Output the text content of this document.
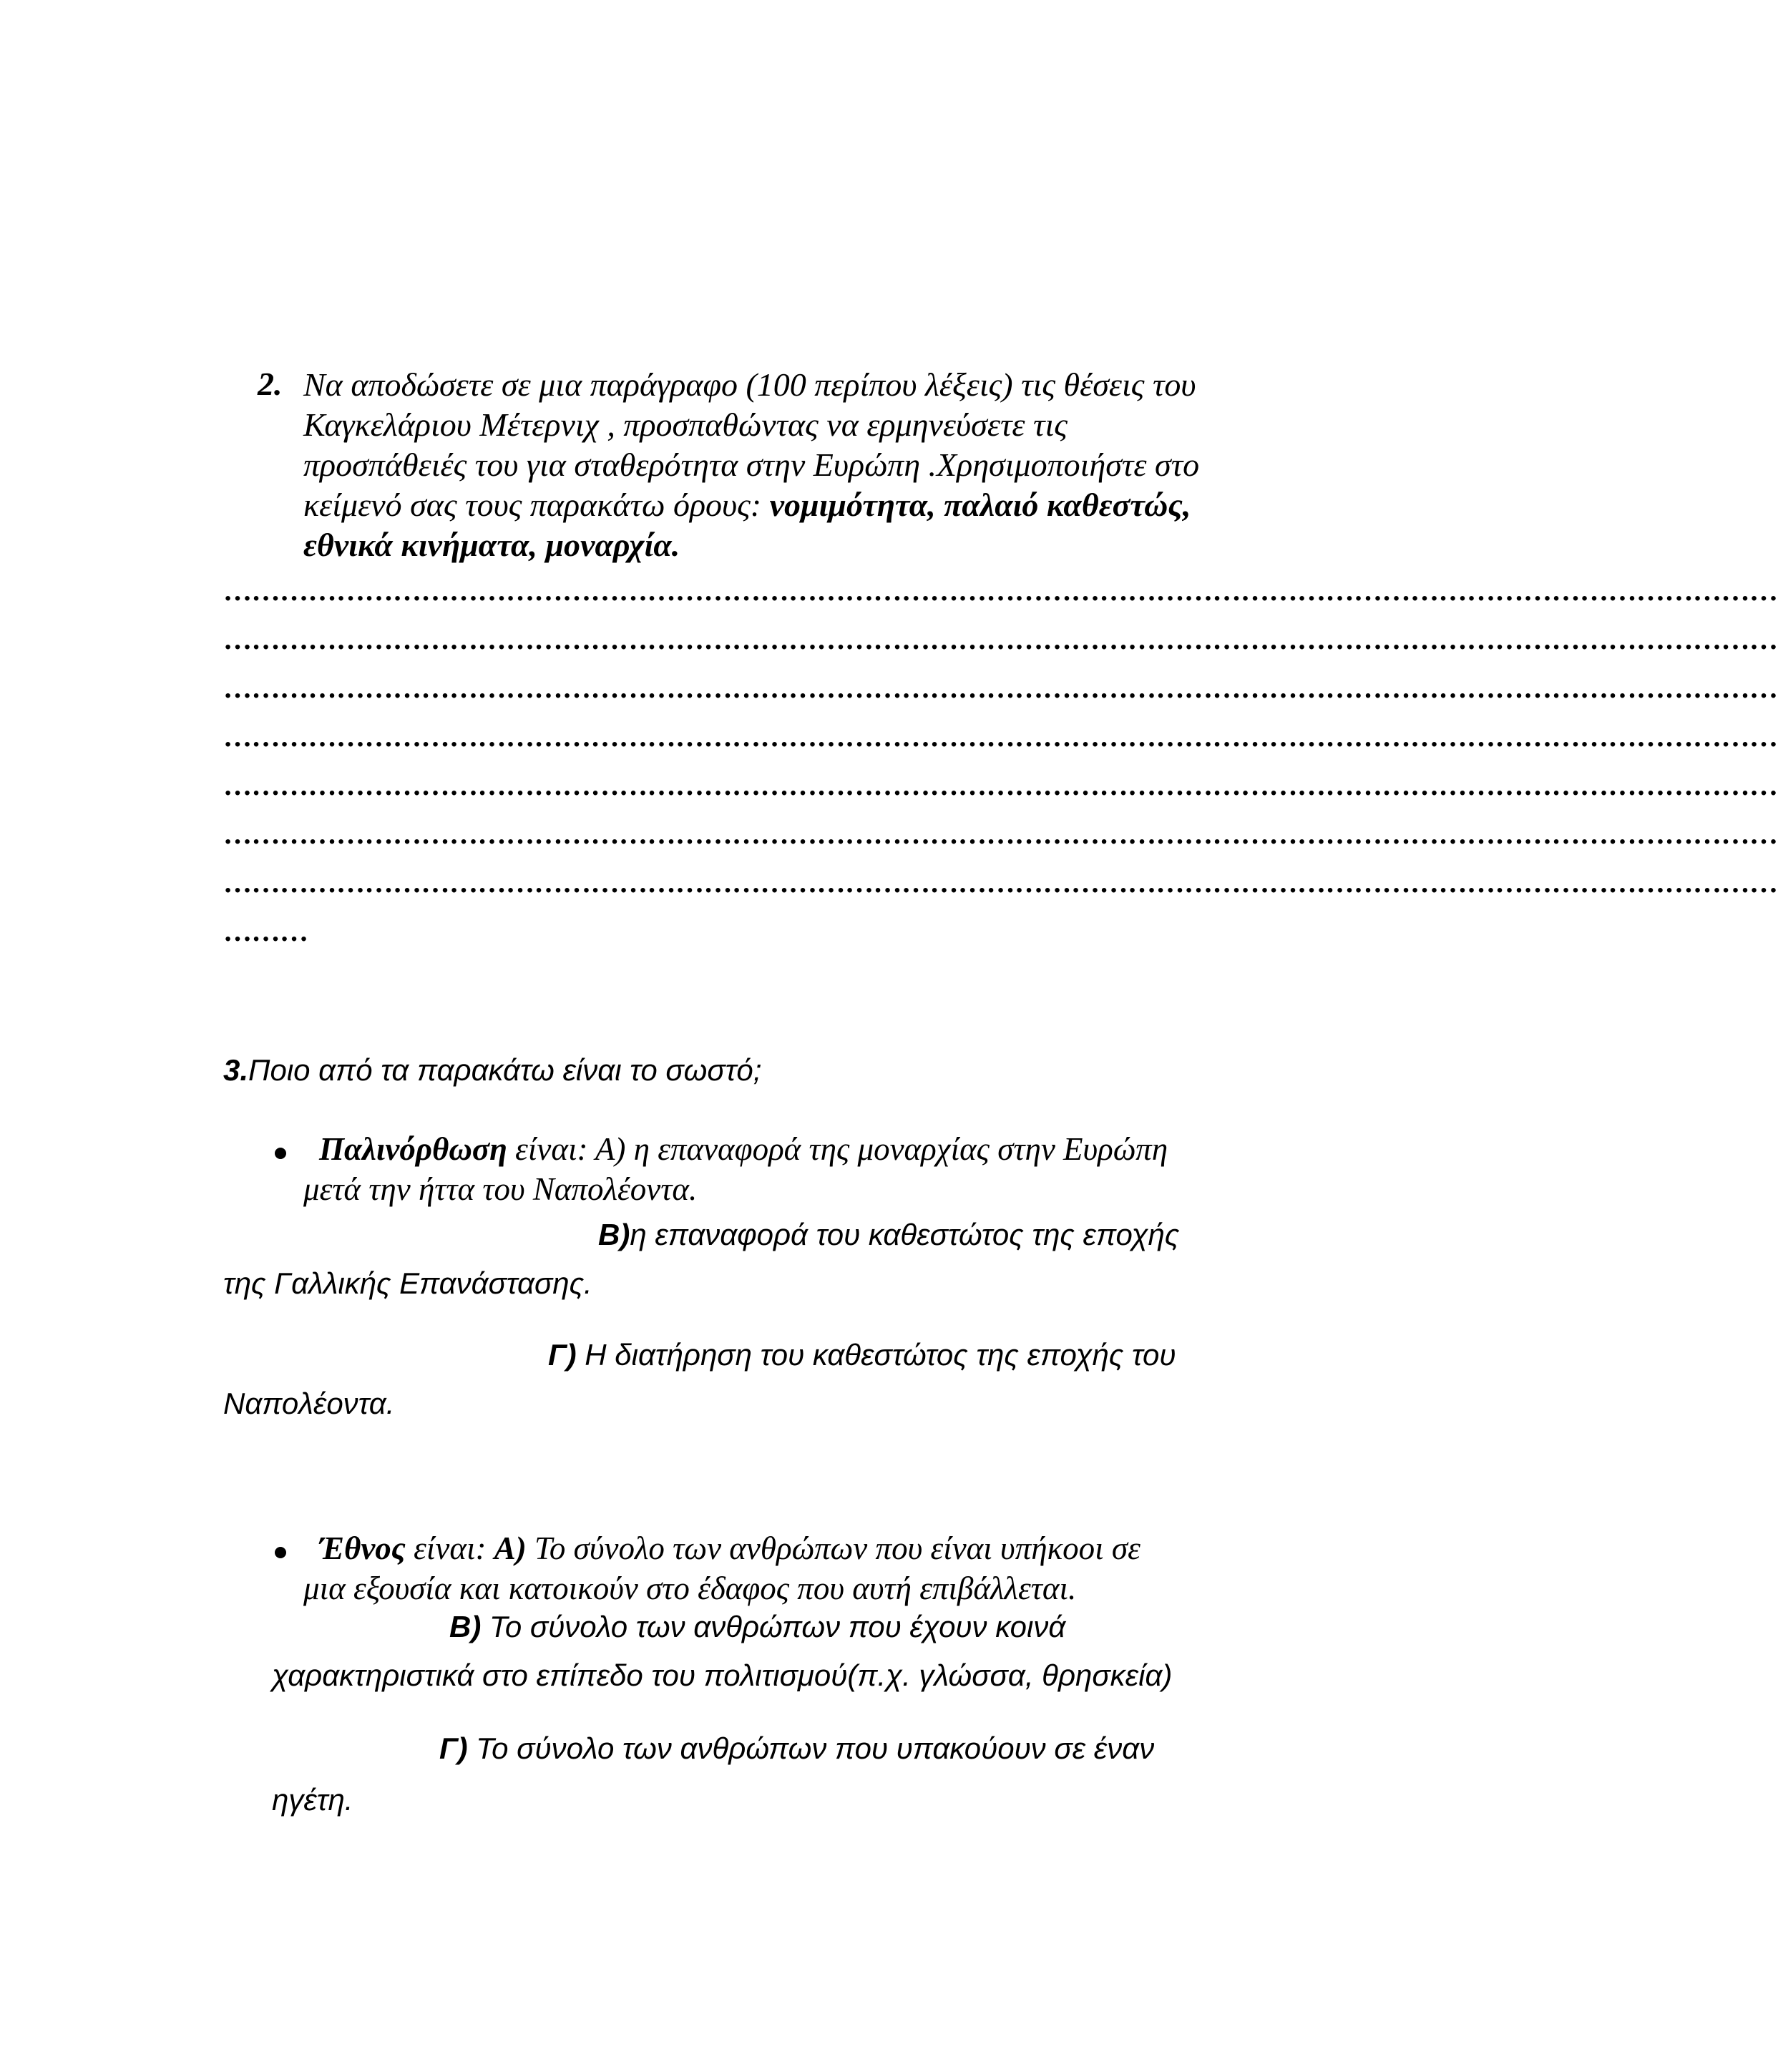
2. Να αποδώσετε σε μια παράγραφο (100 περίπου λέξεις) τις θέσεις του
Καγκελάριου Μέτερνιχ , προσπαθώντας να ερμηνεύσετε τις
προσπάθειές του για σταθερότητα στην Ευρώπη .Χρησιμοποιήστε στο
κείμενό σας τους παρακάτω όρους: νομιμότητα, παλαιό καθεστώς,
εθνικά κινήματα, μοναρχία.
…………………………………………………………………………………………………………………………………………………
…………………………………………………………………………………………………………………………………………………
…………………………………………………………………………………………………………………………………………………
…………………………………………………………………………………………………………………………………………………
…………………………………………………………………………………………………………………………………………………
…………………………………………………………………………………………………………………………………………………
…………………………………………………………………………………………………………………………………………………
………
3.Ποιο από τα παρακάτω είναι το σωστό;
Παλινόρθωση είναι: Α) η επαναφορά της μοναρχίας στην Ευρώπη
μετά την ήττα του Ναπολέοντα.
Β)η επαναφορά του καθεστώτος της εποχής
της Γαλλικής Επανάστασης.
Γ) Η διατήρηση του καθεστώτος της εποχής του
Ναπολέοντα.
Έθνος είναι: Α) Το σύνολο των ανθρώπων που είναι υπήκοοι σε
μια εξουσία και κατοικούν στο έδαφος που αυτή επιβάλλεται.
Β) Το σύνολο των ανθρώπων που έχουν κοινά
χαρακτηριστικά στο επίπεδο του πολιτισμού(π.χ. γλώσσα, θρησκεία)
Γ) Το σύνολο των ανθρώπων που υπακούουν σε έναν
ηγέτη.
